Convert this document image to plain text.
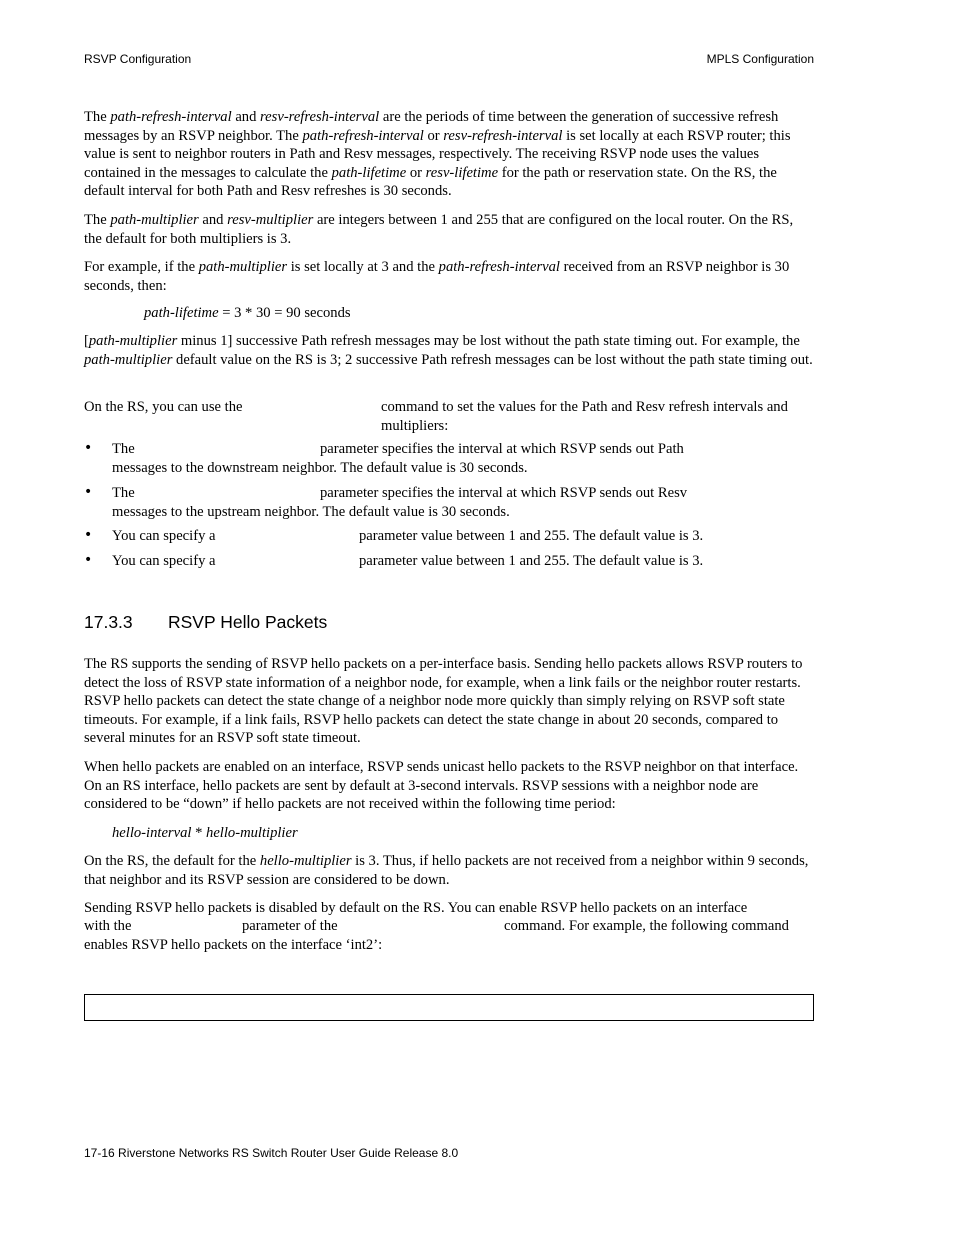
RSVP Configuration	MPLS Configuration

The path-refresh-interval and resv-refresh-interval are the periods of time between the generation of successive refresh messages by an RSVP neighbor. The path-refresh-interval or resv-refresh-interval is set locally at each RSVP router; this value is sent to neighbor routers in Path and Resv messages, respectively. The receiving RSVP node uses the values contained in the messages to calculate the path-lifetime or resv-lifetime for the path or reservation state. On the RS, the default interval for both Path and Resv refreshes is 30 seconds.

The path-multiplier and resv-multiplier are integers between 1 and 255 that are configured on the local router. On the RS, the default for both multipliers is 3.

For example, if the path-multiplier is set locally at 3 and the path-refresh-interval received from an RSVP neighbor is 30 seconds, then:

path-lifetime = 3 * 30 = 90 seconds

[path-multiplier minus 1] successive Path refresh messages may be lost without the path state timing out. For example, the path-multiplier default value on the RS is 3; 2 successive Path refresh messages can be lost without the path state timing out.

On the RS, you can use the	command to set the values for the Path and Resv refresh intervals and multipliers:
• The	parameter specifies the interval at which RSVP sends out Path
messages to the downstream neighbor. The default value is 30 seconds.
• The	parameter specifies the interval at which RSVP sends out Resv
messages to the upstream neighbor. The default value is 30 seconds.
• You can specify a	parameter value between 1 and 255. The default value is 3.
• You can specify a	parameter value between 1 and 255. The default value is 3.
17.3.3 RSVP Hello Packets

The RS supports the sending of RSVP hello packets on a per-interface basis. Sending hello packets allows RSVP routers to detect the loss of RSVP state information of a neighbor node, for example, when a link fails or the neighbor router restarts. RSVP hello packets can detect the state change of a neighbor node more quickly than simply relying on RSVP soft state timeouts. For example, if a link fails, RSVP hello packets can detect the state change in about 20 seconds, compared to several minutes for an RSVP soft state timeout.

When hello packets are enabled on an interface, RSVP sends unicast hello packets to the RSVP neighbor on that interface. On an RS interface, hello packets are sent by default at 3-second intervals. RSVP sessions with a neighbor node are considered to be “down” if hello packets are not received within the following time period:

hello-interval * hello-multiplier

On the RS, the default for the hello-multiplier is 3. Thus, if hello packets are not received from a neighbor within 9 seconds, that neighbor and its RSVP session are considered to be down.

Sending RSVP hello packets is disabled by default on the RS. You can enable RSVP hello packets on an interface
with the	parameter of the	command. For example, the following command
enables RSVP hello packets on the interface ‘int2’:
17-16 Riverstone Networks RS Switch Router User Guide Release 8.0
